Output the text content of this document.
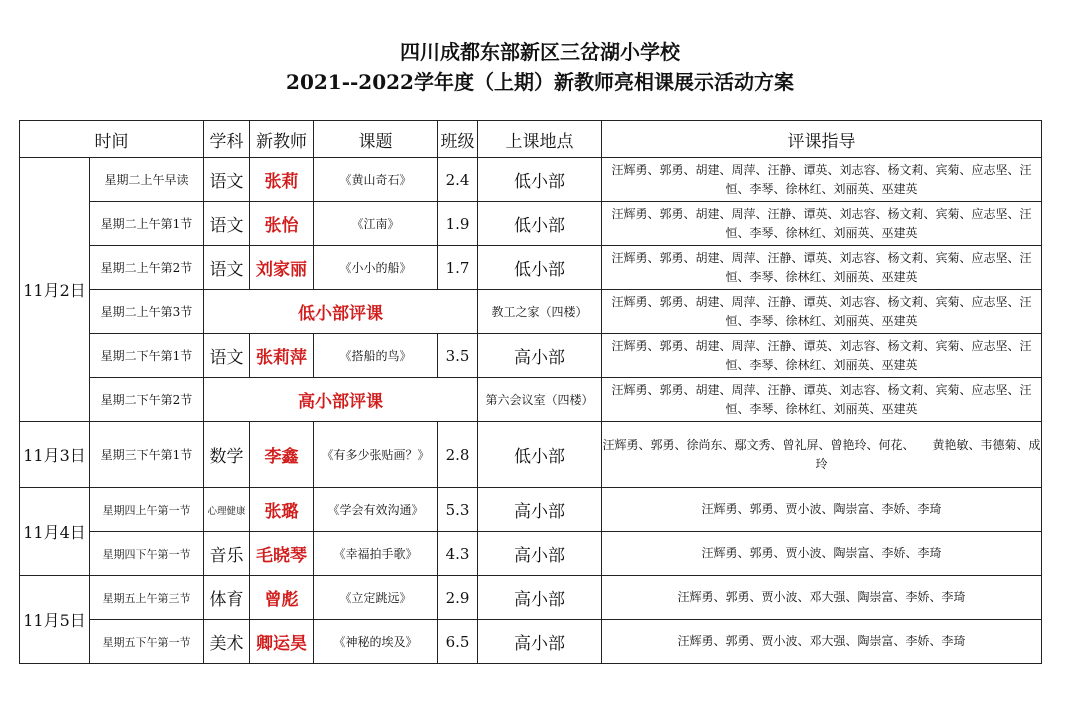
四川成都东部新区三岔湖小学校
2021--2022学年度（上期）新教师亮相课展示活动方案
时间		学科	新教师	课题	班级	上课地点	评课指导
11月2日	星期二上午早读	语文	张莉	《黄山奇石》	2.4	低小部	汪辉勇、郭勇、胡建、周萍、汪静、谭英、刘志容、杨文莉、宾菊、应志坚、汪恒、李琴、徐林红、刘丽英、巫建英
	星期二上午第1节	语文	张怡	《江南》	1.9	低小部	汪辉勇、郭勇、胡建、周萍、汪静、谭英、刘志容、杨文莉、宾菊、应志坚、汪恒、李琴、徐林红、刘丽英、巫建英
	星期二上午第2节	语文	刘家丽	《小小的船》	1.7	低小部	汪辉勇、郭勇、胡建、周萍、汪静、谭英、刘志容、杨文莉、宾菊、应志坚、汪恒、李琴、徐林红、刘丽英、巫建英
	星期二上午第3节	低小部评课				教工之家（四楼）	汪辉勇、郭勇、胡建、周萍、汪静、谭英、刘志容、杨文莉、宾菊、应志坚、汪恒、李琴、徐林红、刘丽英、巫建英
	星期二下午第1节	语文	张莉萍	《搭船的鸟》	3.5	高小部	汪辉勇、郭勇、胡建、周萍、汪静、谭英、刘志容、杨文莉、宾菊、应志坚、汪恒、李琴、徐林红、刘丽英、巫建英
	星期二下午第2节	高小部评课				第六会议室（四楼）	汪辉勇、郭勇、胡建、周萍、汪静、谭英、刘志容、杨文莉、宾菊、应志坚、汪恒、李琴、徐林红、刘丽英、巫建英
11月3日	星期三下午第1节	数学	李鑫	《有多少张贴画？》	2.8	低小部	汪辉勇、郭勇、徐尚东、鄢文秀、曾礼屏、曾艳玲、何花、　　黄艳敏、韦德菊、成玲
11月4日	星期四上午第一节	心理健康	张璐	《学会有效沟通》	5.3	高小部	汪辉勇、郭勇、贾小波、陶崇富、李娇、李琦
	星期四下午第一节	音乐	毛晓琴	《幸福拍手歌》	4.3	高小部	汪辉勇、郭勇、贾小波、陶崇富、李娇、李琦
11月5日	星期五上午第三节	体育	曾彪	《立定跳远》	2.9	高小部	汪辉勇、郭勇、贾小波、邓大强、陶崇富、李娇、李琦
	星期五下午第一节	美术	卿运昊	《神秘的埃及》	6.5	高小部	汪辉勇、郭勇、贾小波、邓大强、陶崇富、李娇、李琦
